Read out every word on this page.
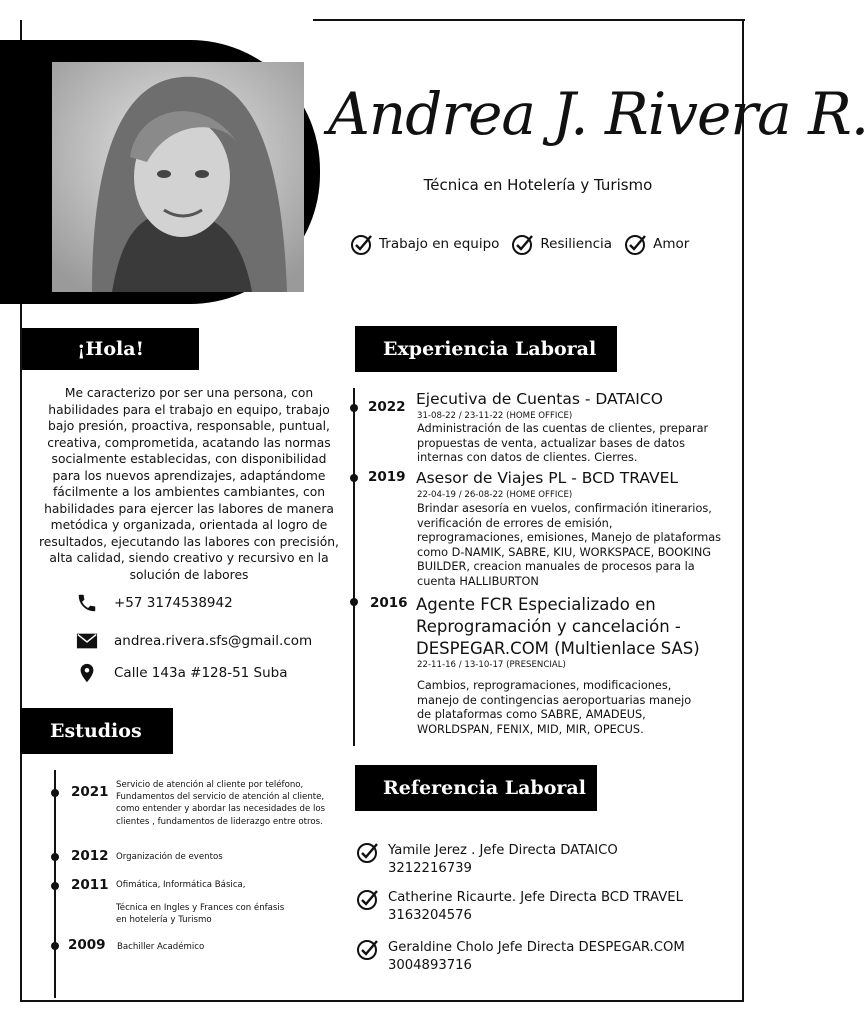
Andrea J. Rivera R.
Técnica en Hotelería y Turismo
Trabajo en equipo	Resiliencia	Amor
¡Hola!
Me caracterizo por ser una persona, con habilidades para el trabajo en equipo, trabajo bajo presión, proactiva, responsable, puntual, creativa, comprometida, acatando las normas socialmente establecidas, con disponibilidad para los nuevos aprendizajes, adaptándome fácilmente a los ambientes cambiantes, con habilidades para ejercer las labores de manera metódica y organizada, orientada al logro de resultados, ejecutando las labores con precisión, alta calidad, siendo creativo y recursivo en la solución de labores
+57 3174538942
andrea.rivera.sfs@gmail.com
Calle 143a #128-51 Suba
Estudios
2021 Servicio de atención al cliente por teléfono, Fundamentos del servicio de atención al cliente, como entender y abordar las necesidades de los clientes , fundamentos de liderazgo entre otros.
2012 Organización de eventos
2011 Ofimática, Informática Básica,
Técnica en Ingles y Frances con énfasis en hotelería y Turismo
2009 Bachiller Académico
Experiencia Laboral
2022 Ejecutiva de Cuentas - DATAICO
31-08-22 / 23-11-22 (HOME OFFICE)
Administración de las cuentas de clientes, preparar propuestas de venta, actualizar bases de datos internas con datos de clientes. Cierres.
2019 Asesor de Viajes PL - BCD TRAVEL
22-04-19 / 26-08-22 (HOME OFFICE)
Brindar asesoría en vuelos, confirmación itinerarios, verificación de errores de emisión, reprogramaciones, emisiones, Manejo de plataformas como D-NAMIK, SABRE, KIU, WORKSPACE, BOOKING BUILDER, creacion manuales de procesos para la cuenta HALLIBURTON
2016 Agente FCR Especializado en Reprogramación y cancelación - DESPEGAR.COM (Multienlace SAS)
22-11-16 / 13-10-17 (PRESENCIAL)
Cambios, reprogramaciones, modificaciones, manejo de contingencias aeroportuarias manejo de plataformas como SABRE, AMADEUS, WORLDSPAN, FENIX, MID, MIR, OPECUS.
Referencia Laboral
Yamile Jerez . Jefe Directa DATAICO
3212216739
Catherine Ricaurte. Jefe Directa BCD TRAVEL
3163204576
Geraldine Cholo Jefe Directa DESPEGAR.COM
3004893716
